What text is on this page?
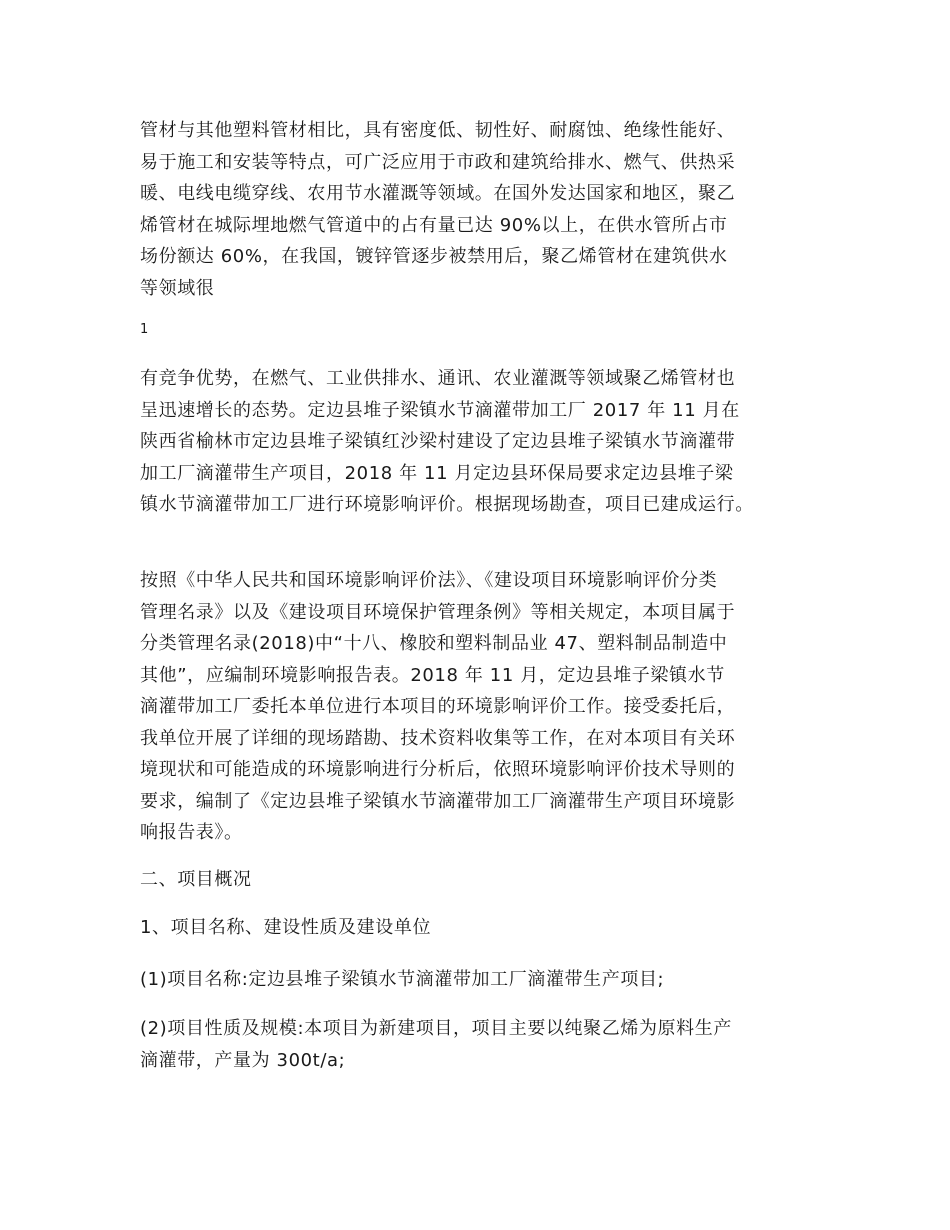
管材与其他塑料管材相比，具有密度低、韧性好、耐腐蚀、绝缘性能好、
易于施工和安装等特点，可广泛应用于市政和建筑给排水、燃气、供热采
暖、电线电缆穿线、农用节水灌溉等领域。在国外发达国家和地区，聚乙
烯管材在城际埋地燃气管道中的占有量已达 90%以上，在供水管所占市
场份额达 60%，在我国，镀锌管逐步被禁用后，聚乙烯管材在建筑供水
等领域很

1

有竞争优势，在燃气、工业供排水、通讯、农业灌溉等领域聚乙烯管材也
呈迅速增长的态势。定边县堆子梁镇水节滴灌带加工厂 2017 年 11 月在
陕西省榆林市定边县堆子梁镇红沙梁村建设了定边县堆子梁镇水节滴灌带
加工厂滴灌带生产项目，2018 年 11 月定边县环保局要求定边县堆子梁
镇水节滴灌带加工厂进行环境影响评价。根据现场勘查，项目已建成运行。

按照《中华人民共和国环境影响评价法》、《建设项目环境影响评价分类
管理名录》以及《建设项目环境保护管理条例》等相关规定，本项目属于
分类管理名录(2018)中“十八、橡胶和塑料制品业 47、塑料制品制造中
其他”，应编制环境影响报告表。2018 年 11 月，定边县堆子梁镇水节
滴灌带加工厂委托本单位进行本项目的环境影响评价工作。接受委托后，
我单位开展了详细的现场踏勘、技术资料收集等工作，在对本项目有关环
境现状和可能造成的环境影响进行分析后，依照环境影响评价技术导则的
要求，编制了《定边县堆子梁镇水节滴灌带加工厂滴灌带生产项目环境影
响报告表》。

二、项目概况

1、项目名称、建设性质及建设单位

(1)项目名称:定边县堆子梁镇水节滴灌带加工厂滴灌带生产项目;

(2)项目性质及规模:本项目为新建项目，项目主要以纯聚乙烯为原料生产
滴灌带，产量为 300t/a;
